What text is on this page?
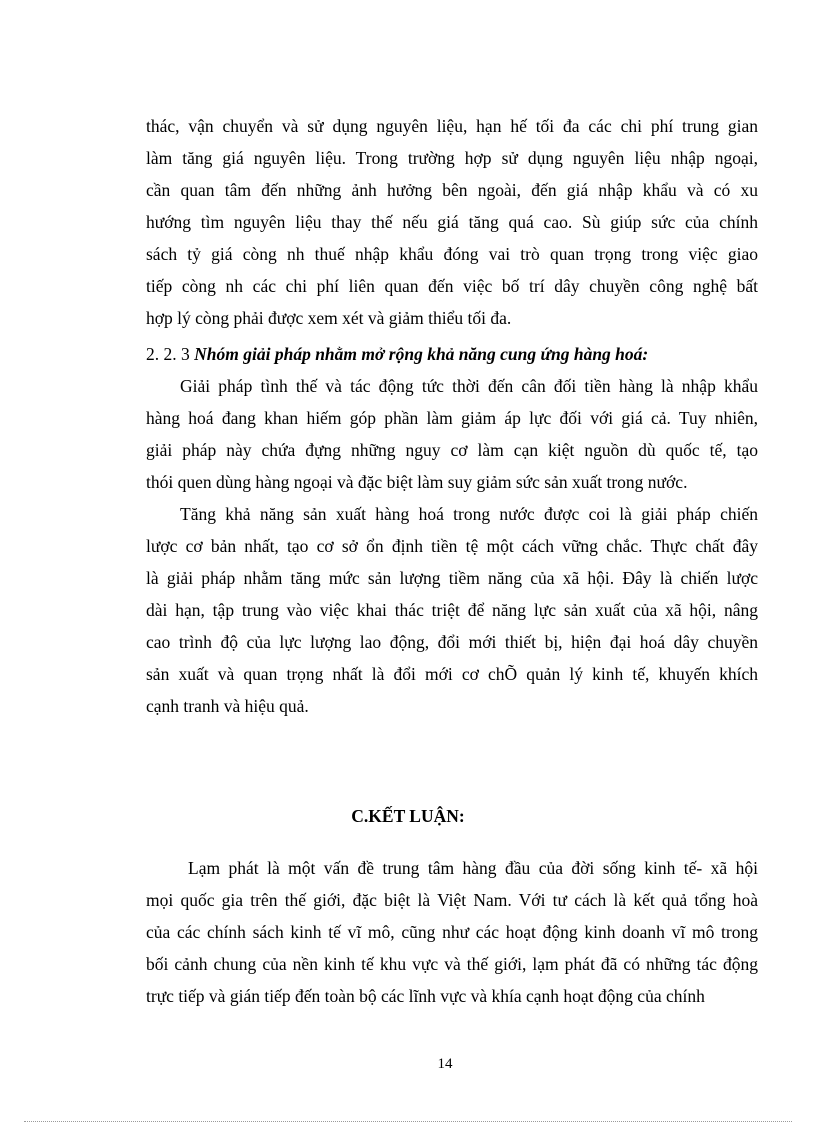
thác, vận chuyển và sử dụng nguyên liệu, hạn hế tối đa các chi phí trung gian
làm tăng giá nguyên liệu. Trong trường hợp sử dụng nguyên liệu nhập ngoại,
cần quan tâm đến những ảnh hưởng bên ngoài, đến giá nhập khẩu và có xu
hướng tìm nguyên liệu thay thế nếu giá tăng quá cao. Sù giúp sức của chính
sách tỷ giá còng nh thuế nhập khẩu đóng vai trò quan trọng trong việc giao
tiếp còng nh các chi phí liên quan đến việc bố trí dây chuyền công nghệ bất
hợp lý còng phải được xem xét và giảm thiểu tối đa.
2. 2. 3 Nhóm giải pháp nhằm mở rộng khả năng cung ứng hàng hoá:
Giải pháp tình thế và tác động tức thời đến cân đối tiền hàng là nhập khẩu
hàng hoá đang khan hiếm góp phần làm giảm áp lực đối với giá cả. Tuy nhiên,
giải pháp này chứa đựng những nguy cơ làm cạn kiệt nguồn dù quốc tế, tạo
thói quen dùng hàng ngoại và đặc biệt làm suy giảm sức sản xuất trong nước.
Tăng khả năng sản xuất hàng hoá trong nước được coi là giải pháp chiến
lược cơ bản nhất, tạo cơ sở ổn định tiền tệ một cách vững chắc. Thực chất đây
là giải pháp nhằm tăng mức sản lượng tiềm năng của xã hội. Đây là chiến lược
dài hạn, tập trung vào việc khai thác triệt để năng lực sản xuất của xã hội, nâng
cao trình độ của lực lượng lao động, đổi mới thiết bị, hiện đại hoá dây chuyền
sản xuất và quan trọng nhất là đổi mới cơ chÕ quản lý kinh tế, khuyến khích
cạnh tranh và hiệu quả.
C.KẾT LUẬN:
Lạm phát là một vấn đề trung tâm hàng đầu của đời sống kinh tế- xã hội
mọi quốc gia trên thế giới, đặc biệt là Việt Nam. Với tư cách là kết quả tổng hoà
của các chính sách kinh tế vĩ mô, cũng như các hoạt động kinh doanh vĩ mô trong
bối cảnh chung của nền kinh tế khu vực và thế giới, lạm phát đã có những tác động
trực tiếp và gián tiếp đến toàn bộ các lĩnh vực và khía cạnh hoạt động của chính
14
